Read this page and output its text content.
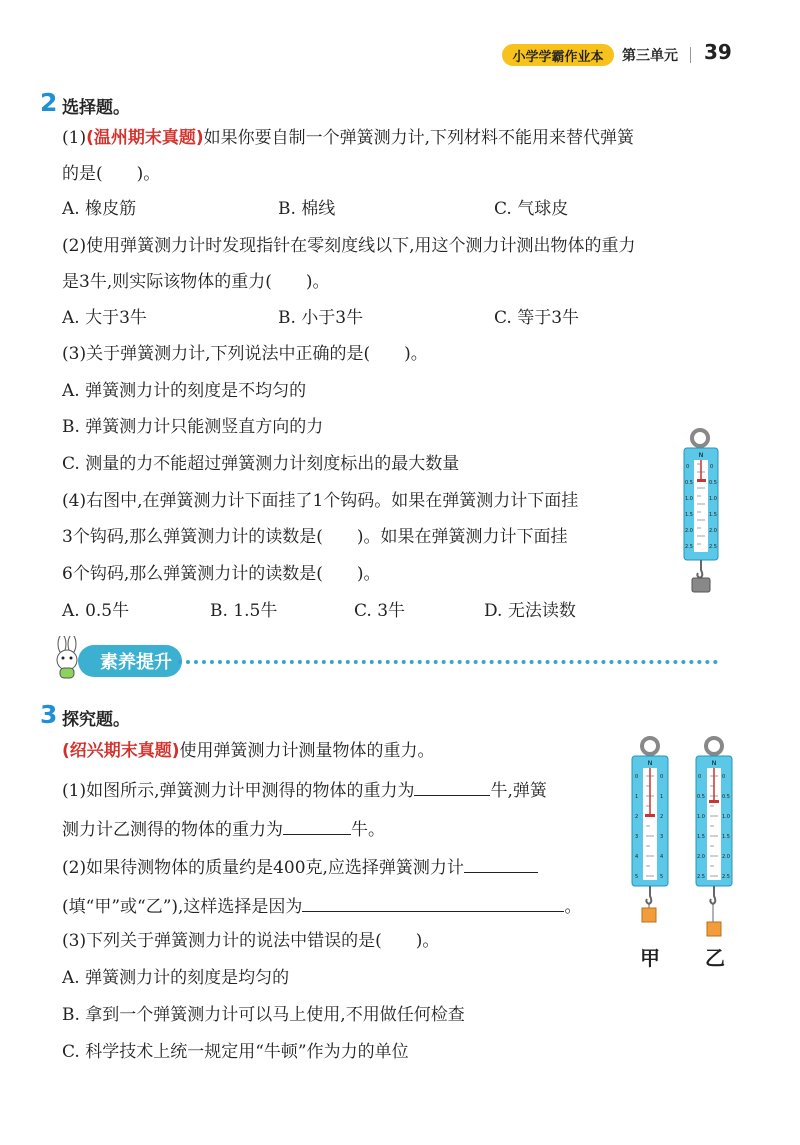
小学学霸作业本	第三单元 39
2 选择题。
(1)(温州期末真题)如果你要自制一个弹簧测力计,下列材料不能用来替代弹簧
的是(　　)。
A. 橡皮筋	B. 棉线	C. 气球皮
(2)使用弹簧测力计时发现指针在零刻度线以下,用这个测力计测出物体的重力
是3牛,则实际该物体的重力(　　)。
A. 大于3牛	B. 小于3牛	C. 等于3牛
(3)关于弹簧测力计,下列说法中正确的是(　　)。
A. 弹簧测力计的刻度是不均匀的
B. 弹簧测力计只能测竖直方向的力
C. 测量的力不能超过弹簧测力计刻度标出的最大数量
(4)右图中,在弹簧测力计下面挂了1个钩码。如果在弹簧测力计下面挂
3个钩码,那么弹簧测力计的读数是(　　)。如果在弹簧测力计下面挂
6个钩码,那么弹簧测力计的读数是(　　)。
A. 0.5牛	B. 1.5牛	C. 3牛	D. 无法读数
N
0
0.5
1.0
1.5
2.0
2.5
0
0.5
1.0
1.5
2.0
2.5
素养提升
3 探究题。
(绍兴期末真题)使用弹簧测力计测量物体的重力。
(1)如图所示,弹簧测力计甲测得的物体的重力为	牛,弹簧
测力计乙测得的物体的重力为	牛。
(2)如果待测物体的质量约是400克,应选择弹簧测力计
(填“甲”或“乙”),这样选择是因为	。
(3)下列关于弹簧测力计的说法中错误的是(　　)。
A. 弹簧测力计的刻度是均匀的
B. 拿到一个弹簧测力计可以马上使用,不用做任何检查
C. 科学技术上统一规定用“牛顿”作为力的单位
N
0
1
2
3
4
5
0
1
2
3
4
5
N
0
0.5
1.0
1.5
2.0
2.5
0
0.5
1.0
1.5
2.0
2.5
甲 乙
